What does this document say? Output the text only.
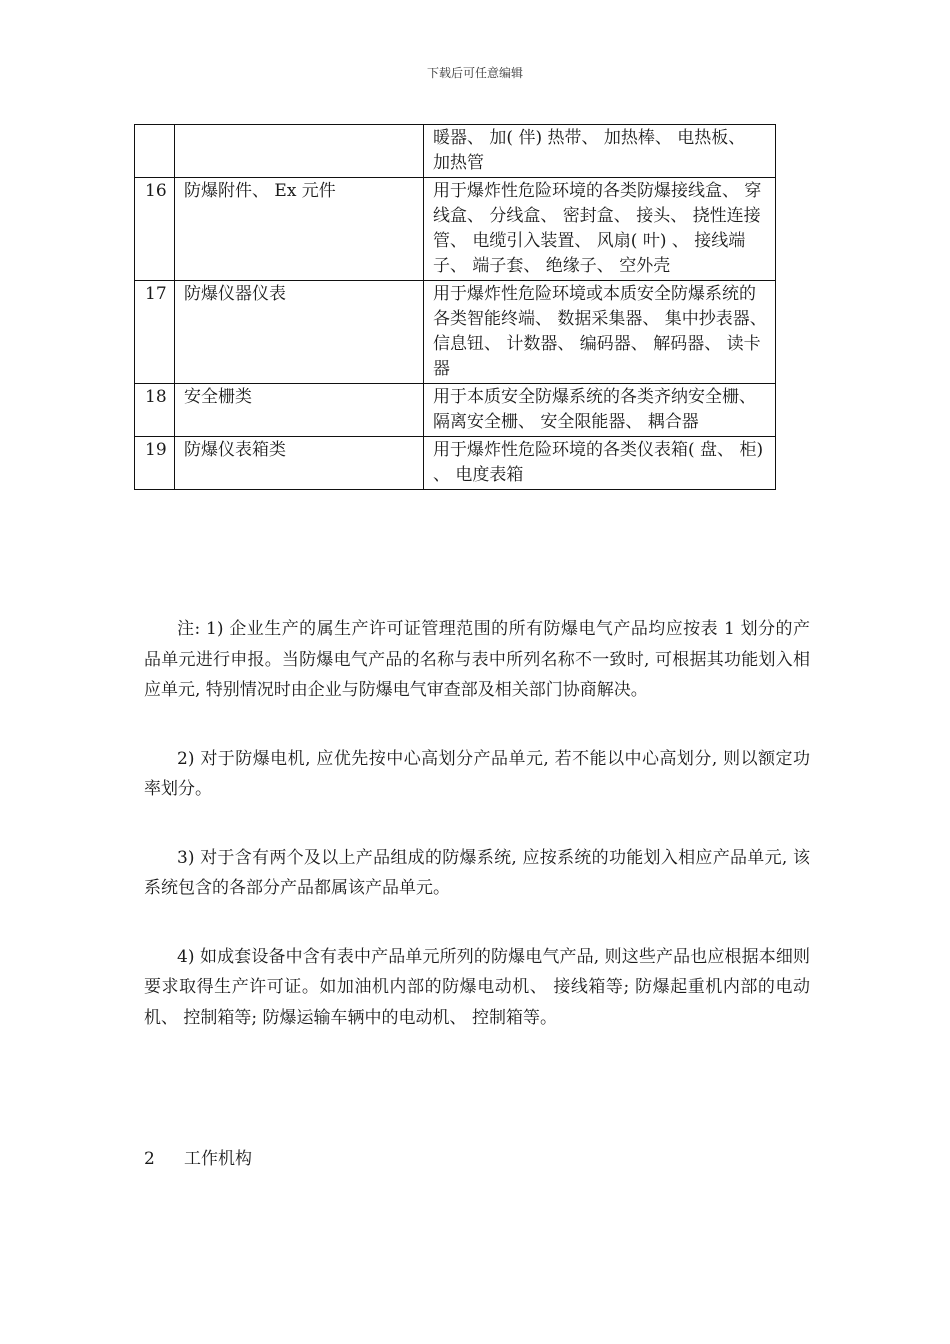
下载后可任意编辑
		暖器、 加( 伴) 热带、 加热棒、 电热板、 加热管
16	防爆附件、 Ex 元件	用于爆炸性危险环境的各类防爆接线盒、 穿线盒、 分线盒、 密封盒、 接头、 挠性连接管、 电缆引入装置、 风扇( 叶) 、 接线端子、 端子套、 绝缘子、 空外壳
17	防爆仪器仪表	用于爆炸性危险环境或本质安全防爆系统的各类智能终端、 数据采集器、 集中抄表器、 信息钮、 计数器、 编码器、 解码器、 读卡器
18	安全栅类	用于本质安全防爆系统的各类齐纳安全栅、 隔离安全栅、 安全限能器、 耦合器
19	防爆仪表箱类	用于爆炸性危险环境的各类仪表箱( 盘、 柜) 、 电度表箱

注: 1) 企业生产的属生产许可证管理范围的所有防爆电气产品均应按表 1 划分的产品单元进行申报。当防爆电气产品的名称与表中所列名称不一致时, 可根据其功能划入相应单元, 特别情况时由企业与防爆电气审查部及相关部门协商解决。

2) 对于防爆电机, 应优先按中心高划分产品单元, 若不能以中心高划分, 则以额定功率划分。

3) 对于含有两个及以上产品组成的防爆系统, 应按系统的功能划入相应产品单元, 该系统包含的各部分产品都属该产品单元。

4) 如成套设备中含有表中产品单元所列的防爆电气产品, 则这些产品也应根据本细则要求取得生产许可证。如加油机内部的防爆电动机、 接线箱等; 防爆起重机内部的电动机、 控制箱等; 防爆运输车辆中的电动机、 控制箱等。

2 工作机构
